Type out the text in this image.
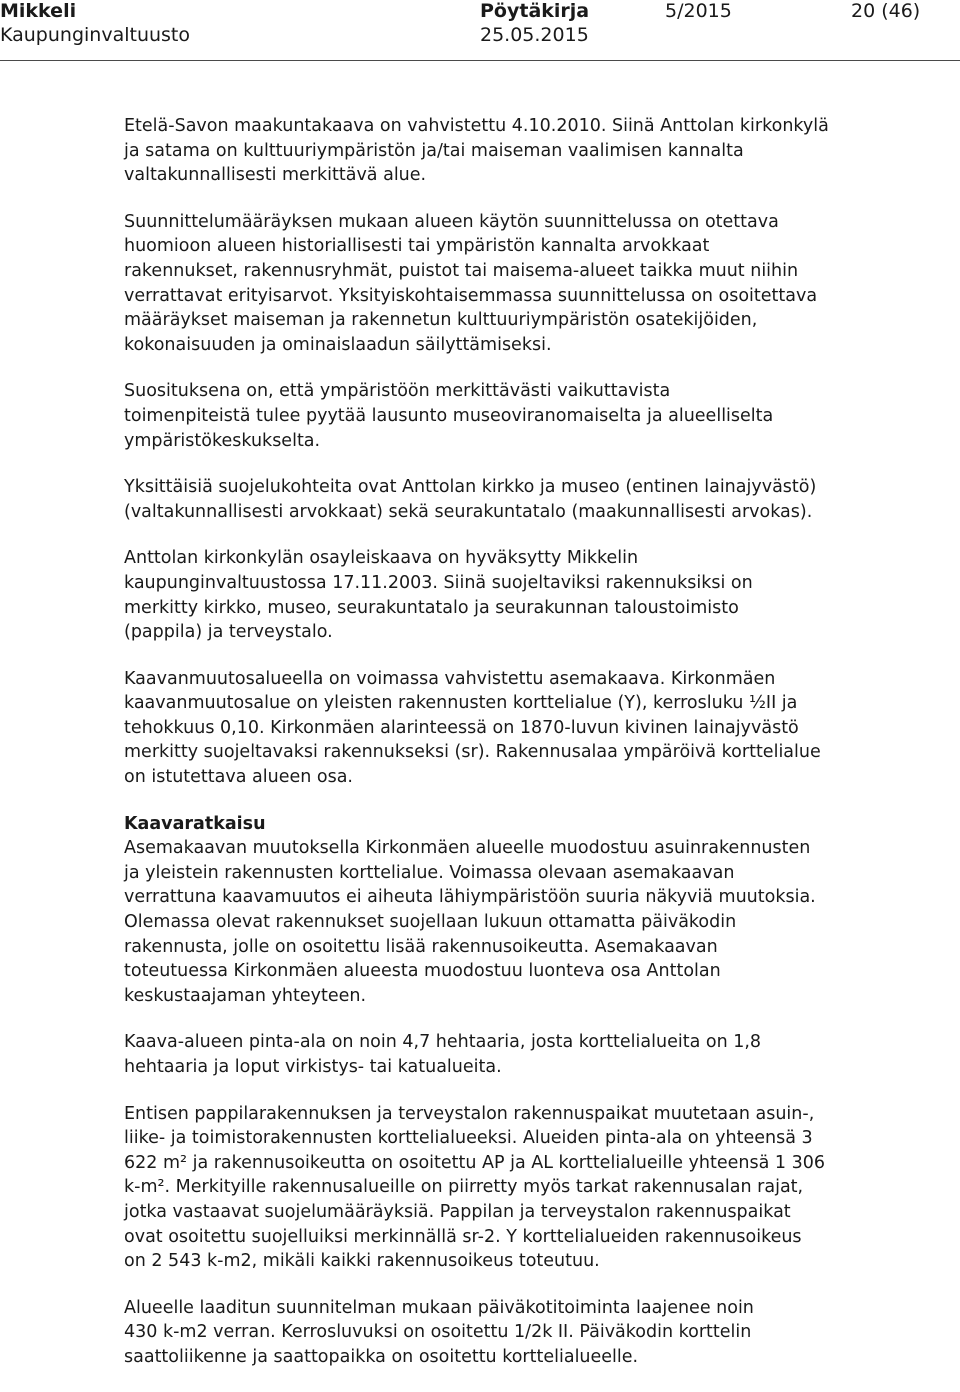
Mikkeli
Kaupunginvaltuusto
Pöytäkirja
25.05.2015
5/2015	20 (46)
Etelä-Savon maakuntakaava on vahvistettu 4.10.2010. Siinä Anttolan kirkonkylä
ja satama on kulttuuriympäristön ja/tai maiseman vaalimisen kannalta
valtakunnallisesti merkittävä alue.
Suunnittelumääräyksen mukaan alueen käytön suunnittelussa on otettava
huomioon alueen historiallisesti tai ympäristön kannalta arvokkaat
rakennukset, rakennusryhmät, puistot tai maisema-alueet taikka muut niihin
verrattavat erityisarvot. Yksityiskohtaisemmassa suunnittelussa on osoitettava
määräykset maiseman ja rakennetun kulttuuriympäristön osatekijöiden,
kokonaisuuden ja ominaislaadun säilyttämiseksi.
Suosituksena on, että ympäristöön merkittävästi vaikuttavista
toimenpiteistä tulee pyytää lausunto museoviranomaiselta ja alueelliselta
ympäristökeskukselta.
Yksittäisiä suojelukohteita ovat Anttolan kirkko ja museo (entinen lainajyvästö)
(valtakunnallisesti arvokkaat) sekä seurakuntatalo (maakunnallisesti arvokas).
Anttolan kirkonkylän osayleiskaava on hyväksytty Mikkelin
kaupunginvaltuustossa 17.11.2003. Siinä suojeltaviksi rakennuksiksi on
merkitty kirkko, museo, seurakuntatalo ja seurakunnan taloustoimisto
(pappila) ja terveystalo.
Kaavanmuutosalueella on voimassa vahvistettu asemakaava. Kirkonmäen
kaavanmuutosalue on yleisten rakennusten korttelialue (Y), kerrosluku ½II ja
tehokkuus 0,10. Kirkonmäen alarinteessä on 1870-luvun kivinen lainajyvästö
merkitty suojeltavaksi rakennukseksi (sr). Rakennusalaa ympäröivä korttelialue
on istutettava alueen osa.
Kaavaratkaisu
Asemakaavan muutoksella Kirkonmäen alueelle muodostuu asuinrakennusten
ja yleistein rakennusten korttelialue. Voimassa olevaan asemakaavan
verrattuna kaavamuutos ei aiheuta lähiympäristöön suuria näkyviä muutoksia.
Olemassa olevat rakennukset suojellaan lukuun ottamatta päiväkodin
rakennusta, jolle on osoitettu lisää rakennusoikeutta. Asemakaavan
toteutuessa Kirkonmäen alueesta muodostuu luonteva osa Anttolan
keskustaajaman yhteyteen.
Kaava-alueen pinta-ala on noin 4,7 hehtaaria, josta korttelialueita on 1,8
hehtaaria ja loput virkistys- tai katualueita.
Entisen pappilarakennuksen ja terveystalon rakennuspaikat muutetaan asuin-,
liike- ja toimistorakennusten korttelialueeksi. Alueiden pinta-ala on yhteensä 3
622 m² ja rakennusoikeutta on osoitettu AP ja AL korttelialueille yhteensä 1 306
k-m². Merkityille rakennusalueille on piirretty myös tarkat rakennusalan rajat,
jotka vastaavat suojelumääräyksiä. Pappilan ja terveystalon rakennuspaikat
ovat osoitettu suojelluiksi merkinnällä sr-2. Y korttelialueiden rakennusoikeus
on 2 543 k-m2, mikäli kaikki rakennusoikeus toteutuu.
Alueelle laaditun suunnitelman mukaan päiväkotitoiminta laajenee noin
430 k-m2 verran. Kerrosluvuksi on osoitettu 1/2k II. Päiväkodin korttelin
saattoliikenne ja saattopaikka on osoitettu korttelialueelle.
